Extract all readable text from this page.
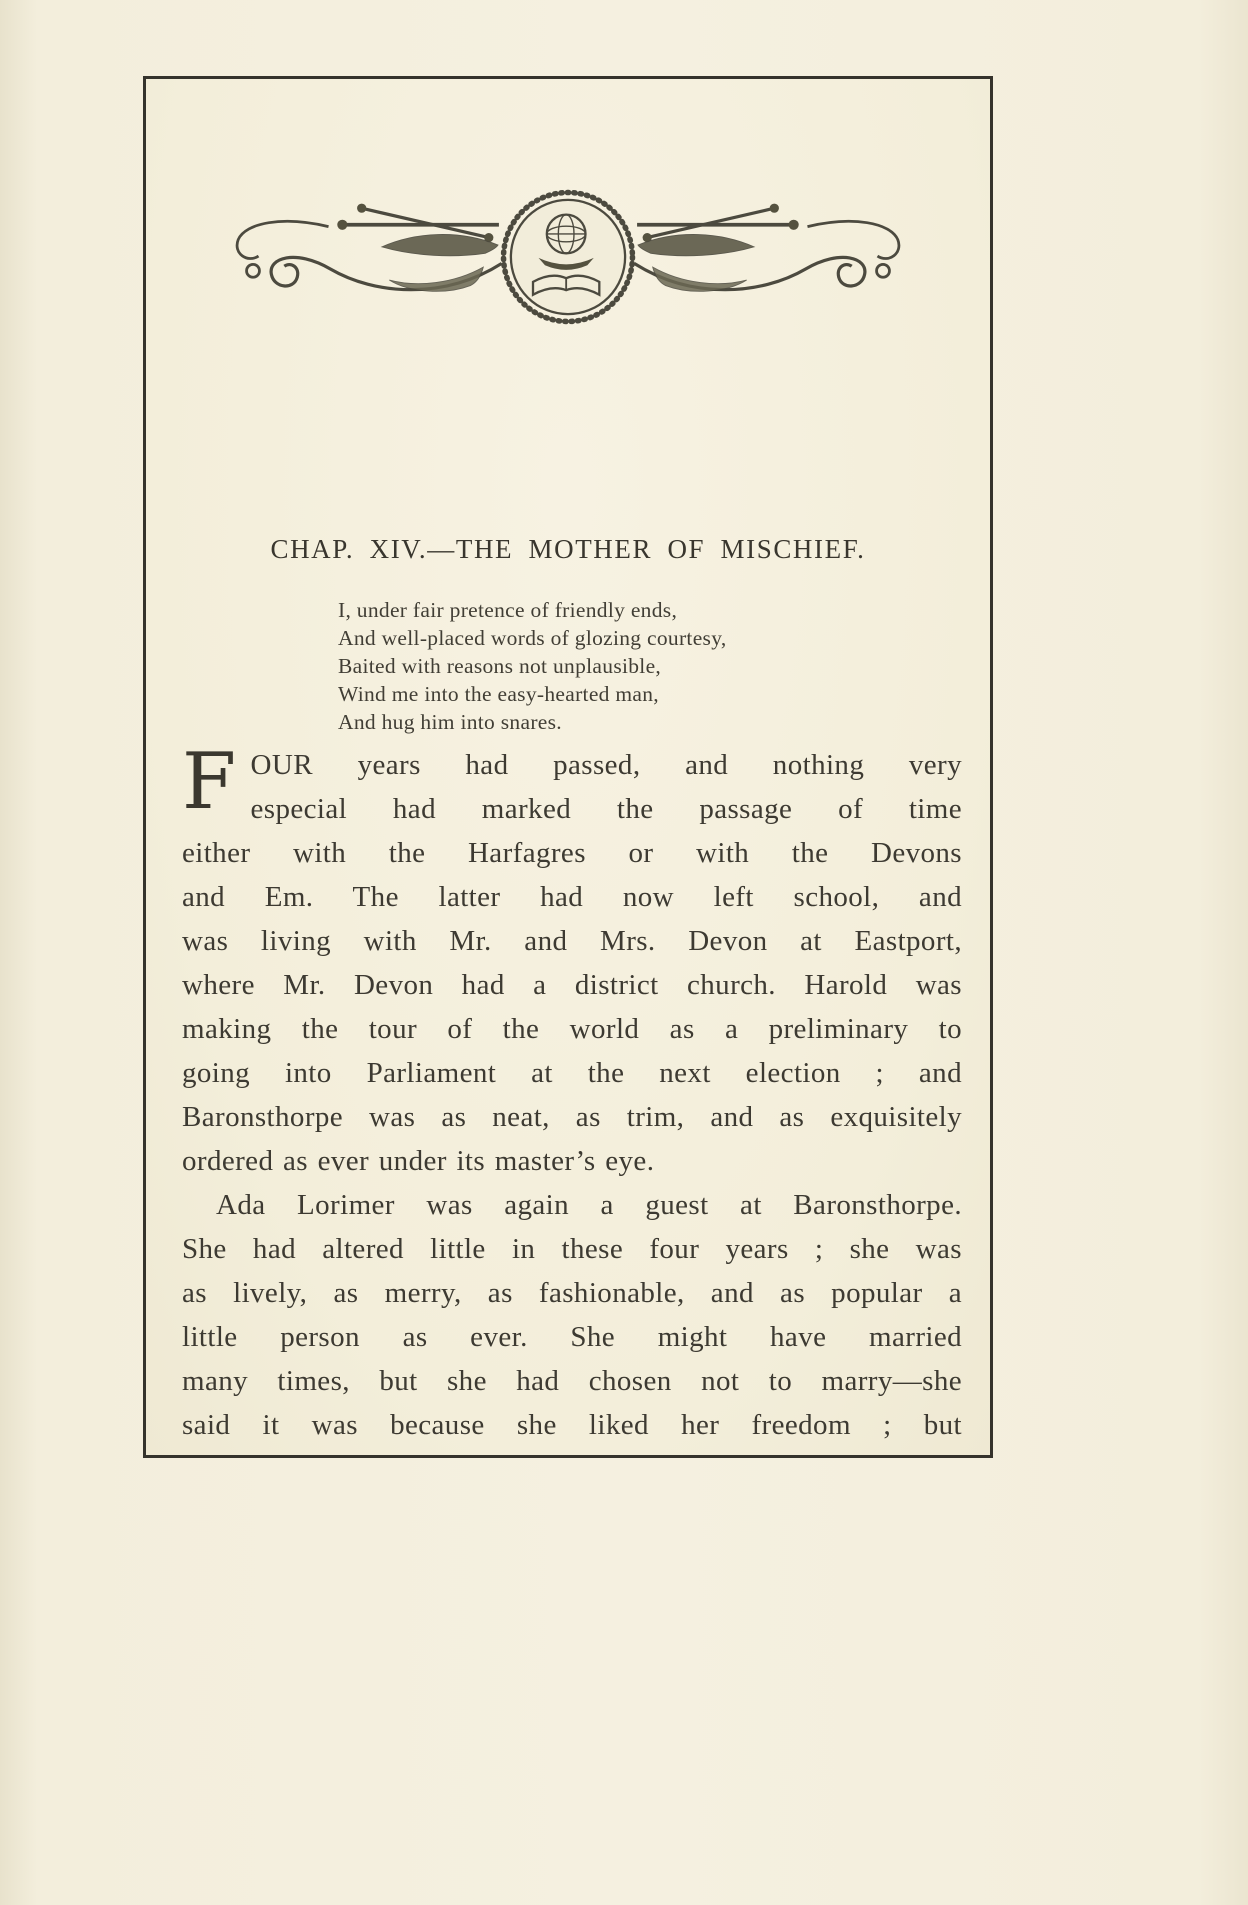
CHAP. XIV.—THE MOTHER OF MISCHIEF.
I, under fair pretence of friendly ends,
And well-placed words of glozing courtesy,
Baited with reasons not unplausible,
Wind me into the easy-hearted man,
And hug him into snares.
F OUR years had passed, and nothing very
especial had marked the passage of time
either with the Harfagres or with the Devons
and Em. The latter had now left school, and
was living with Mr. and Mrs. Devon at Eastport,
where Mr. Devon had a district church. Harold was
making the tour of the world as a preliminary to
going into Parliament at the next election ; and
Baronsthorpe was as neat, as trim, and as exquisitely
ordered as ever under its master’s eye.
Ada Lorimer was again a guest at Baronsthorpe.
She had altered little in these four years ; she was
as lively, as merry, as fashionable, and as popular a
little person as ever. She might have married
many times, but she had chosen not to marry—she
said it was because she liked her freedom ; but
